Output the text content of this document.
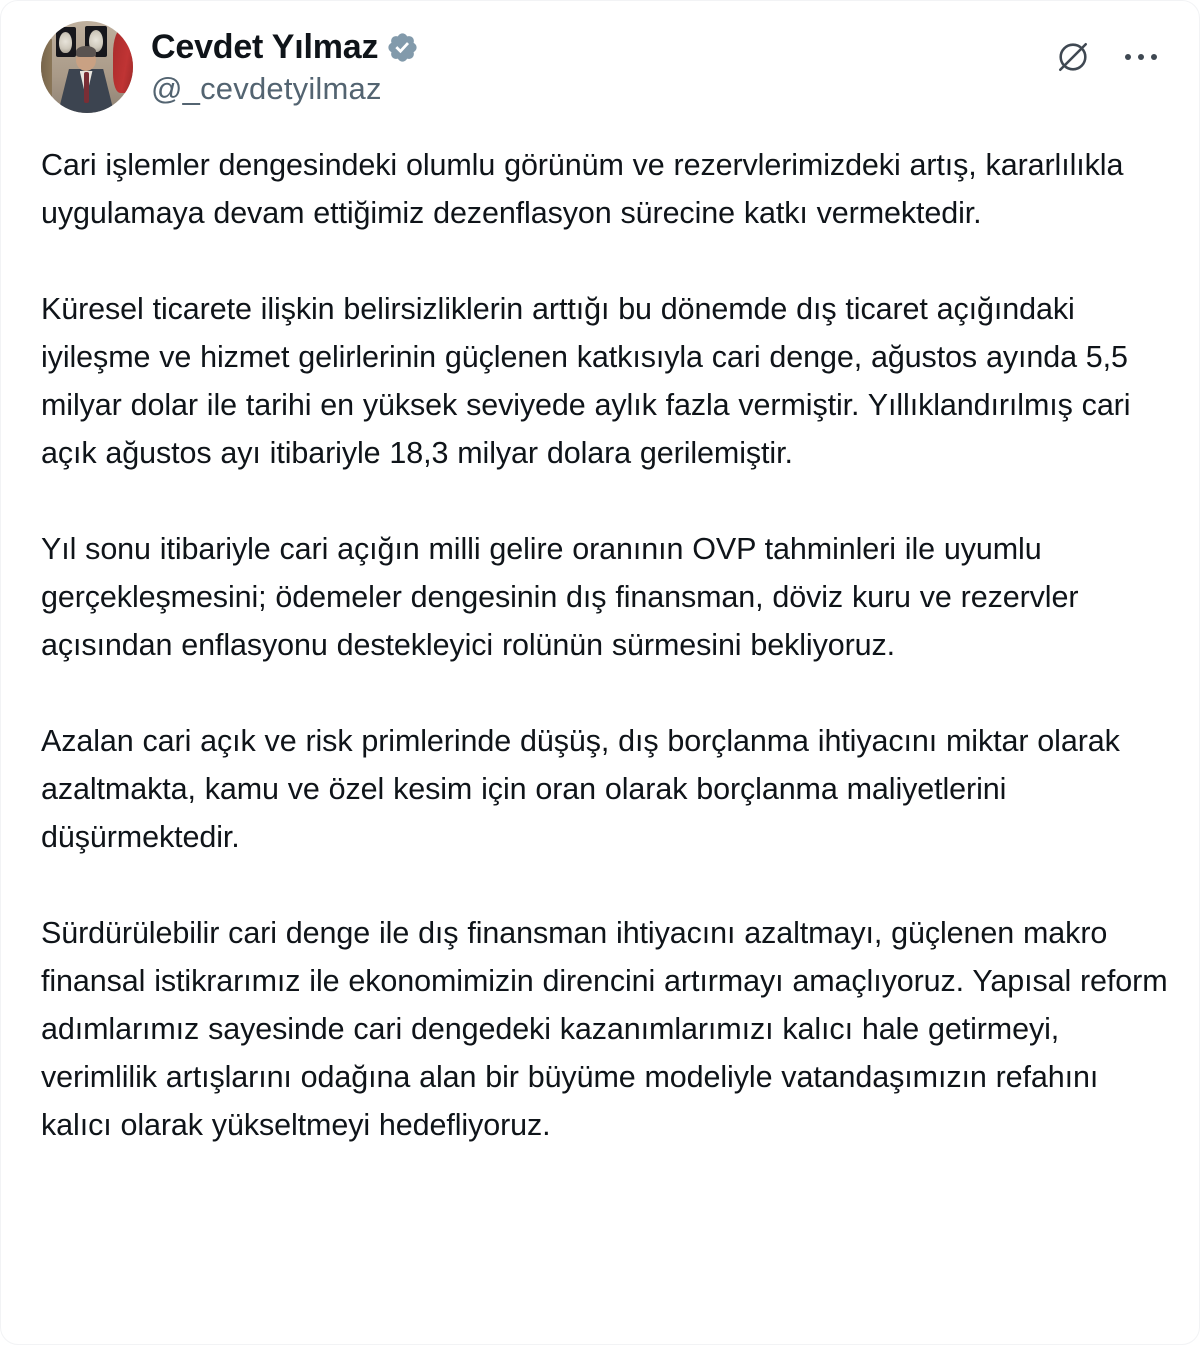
Cevdet Yılmaz
@_cevdetyilmaz

Cari işlemler dengesindeki olumlu görünüm ve rezervlerimizdeki artış, kararlılıkla uygulamaya devam ettiğimiz dezenflasyon sürecine katkı vermektedir.

Küresel ticarete ilişkin belirsizliklerin arttığı bu dönemde dış ticaret açığındaki iyileşme ve hizmet gelirlerinin güçlenen katkısıyla cari denge, ağustos ayında 5,5 milyar dolar ile tarihi en yüksek seviyede aylık fazla vermiştir. Yıllıklandırılmış cari açık ağustos ayı itibariyle 18,3 milyar dolara gerilemiştir.

Yıl sonu itibariyle cari açığın milli gelire oranının OVP tahminleri ile uyumlu gerçekleşmesini; ödemeler dengesinin dış finansman, döviz kuru ve rezervler açısından enflasyonu destekleyici rolünün sürmesini bekliyoruz.

Azalan cari açık ve risk primlerinde düşüş, dış borçlanma ihtiyacını miktar olarak azaltmakta, kamu ve özel kesim için oran olarak borçlanma maliyetlerini düşürmektedir.

Sürdürülebilir cari denge ile dış finansman ihtiyacını azaltmayı, güçlenen makro finansal istikrarımız ile ekonomimizin direncini artırmayı amaçlıyoruz. Yapısal reform adımlarımız sayesinde cari dengedeki kazanımlarımızı kalıcı hale getirmeyi, verimlilik artışlarını odağına alan bir büyüme modeliyle vatandaşımızın refahını kalıcı olarak yükseltmeyi hedefliyoruz.
